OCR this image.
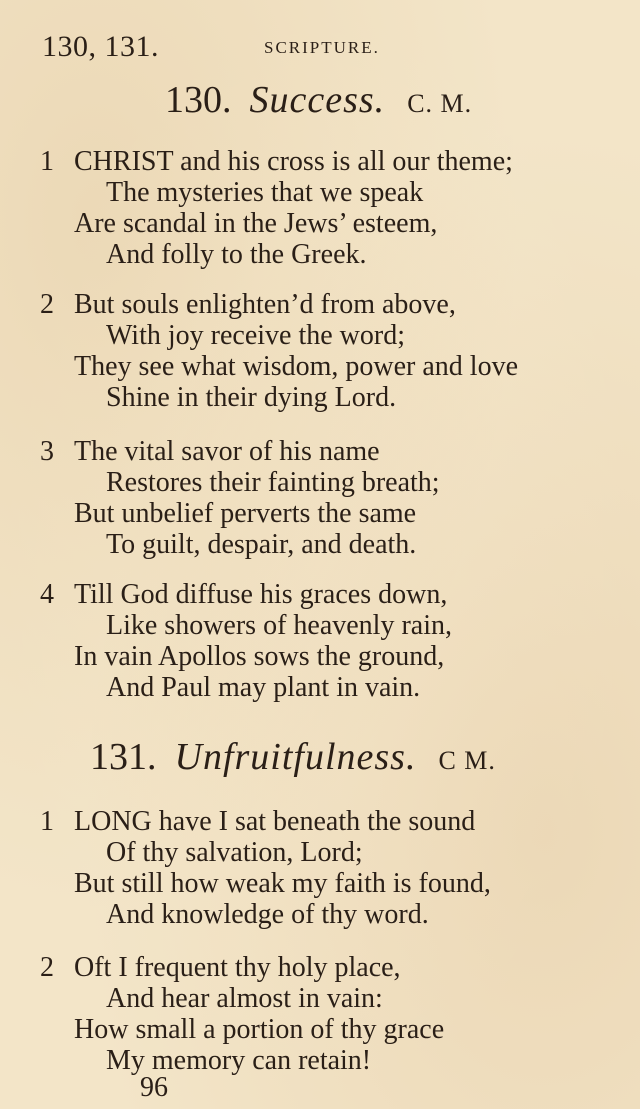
130, 131.	SCRIPTURE.
130. Success. C. M.
1 CHRIST and his cross is all our theme;
The mysteries that we speak
Are scandal in the Jews’ esteem,
And folly to the Greek.
2 But souls enlighten’d from above,
With joy receive the word;
They see what wisdom, power and love
Shine in their dying Lord.
3 The vital savor of his name
Restores their fainting breath;
But unbelief perverts the same
To guilt, despair, and death.
4 Till God diffuse his graces down,
Like showers of heavenly rain,
In vain Apollos sows the ground,
And Paul may plant in vain.
131. Unfruitfulness. C M.
1 LONG have I sat beneath the sound
Of thy salvation, Lord;
But still how weak my faith is found,
And knowledge of thy word.
2 Oft I frequent thy holy place,
And hear almost in vain:
How small a portion of thy grace
My memory can retain!
96
